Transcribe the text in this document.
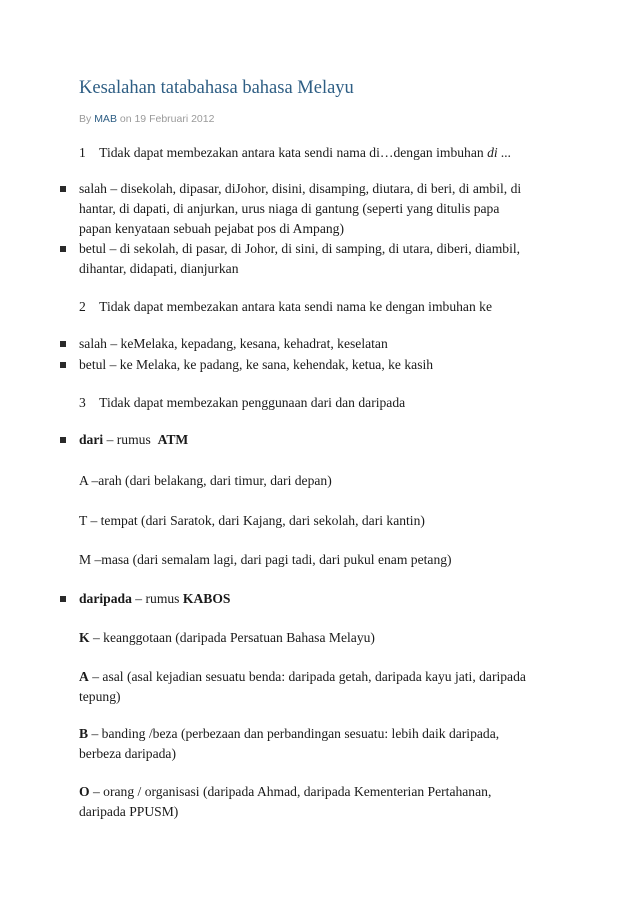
Kesalahan tatabahasa bahasa Melayu
By MAB on 19 Februari 2012
1 Tidak dapat membezakan antara kata sendi nama di…dengan imbuhan di ...
salah – disekolah, dipasar, diJohor, disini, disamping, diutara, di beri, di ambil, di
hantar, di dapati, di anjurkan, urus niaga di gantung (seperti yang ditulis papa
papan kenyataan sebuah pejabat pos di Ampang)
betul – di sekolah, di pasar, di Johor, di sini, di samping, di utara, diberi, diambil,
dihantar, didapati, dianjurkan
2 Tidak dapat membezakan antara kata sendi nama ke dengan imbuhan ke
salah – keMelaka, kepadang, kesana, kehadrat, keselatan
betul – ke Melaka, ke padang, ke sana, kehendak, ketua, ke kasih
3 Tidak dapat membezakan penggunaan dari dan daripada
dari – rumus ATM
A –arah (dari belakang, dari timur, dari depan)
T – tempat (dari Saratok, dari Kajang, dari sekolah, dari kantin)
M –masa (dari semalam lagi, dari pagi tadi, dari pukul enam petang)
daripada – rumus KABOS
K – keanggotaan (daripada Persatuan Bahasa Melayu)
A – asal (asal kejadian sesuatu benda: daripada getah, daripada kayu jati, daripada
tepung)
B – banding /beza (perbezaan dan perbandingan sesuatu: lebih daik daripada,
berbeza daripada)
O – orang / organisasi (daripada Ahmad, daripada Kementerian Pertahanan,
daripada PPUSM)
